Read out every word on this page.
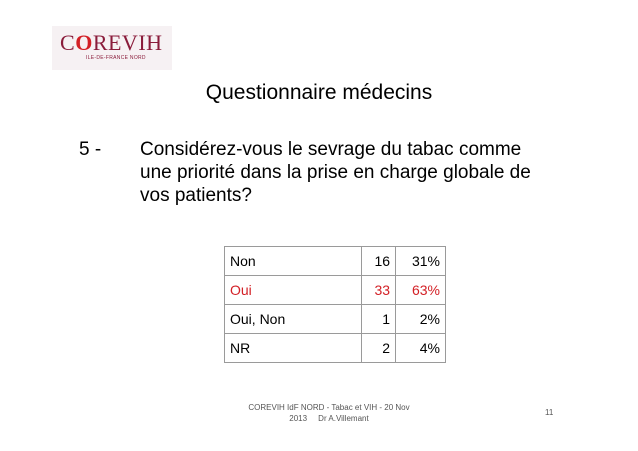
COREVIH
ILE-DE-FRANCE NORD
Questionnaire médecins
5 - Considérez-vous le sevrage du tabac comme une priorité dans la prise en charge globale de vos patients?
Non	16	31%
Oui	33	63%
Oui, Non	1	2%
NR	2	4%
COREVIH IdF NORD - Tabac et VIH - 20 Nov
2013     Dr A.Villemant
11
